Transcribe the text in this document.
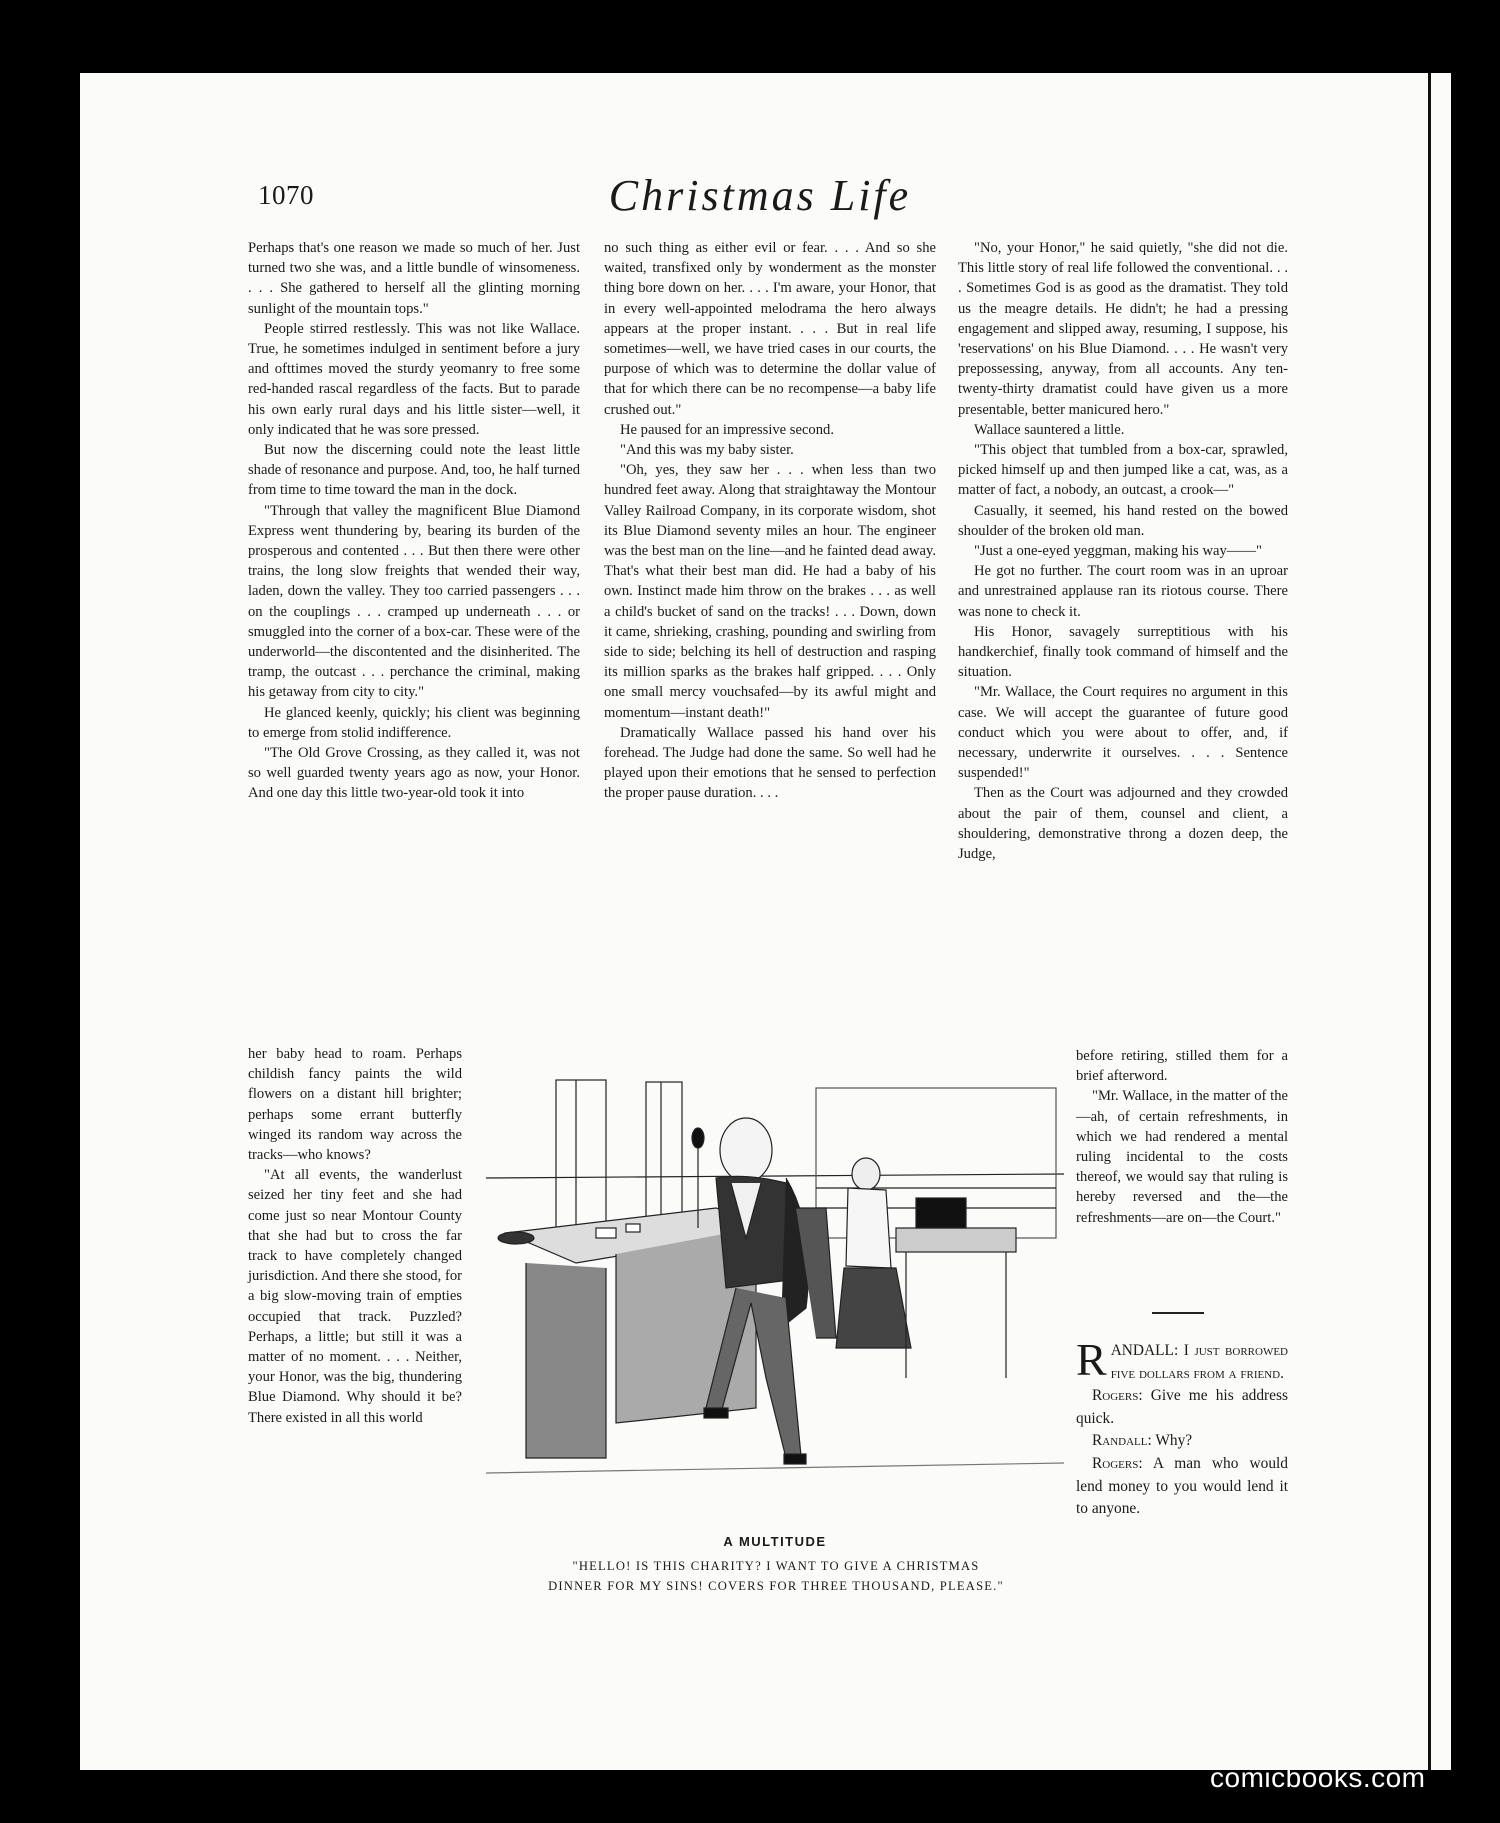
1070	Christmas Life

Perhaps that's one reason we made so much of her. Just turned two she was, and a little bundle of winsomeness. . . . She gathered to herself all the glinting morning sunlight of the mountain tops."

People stirred restlessly. This was not like Wallace. True, he sometimes indulged in sentiment before a jury and ofttimes moved the sturdy yeomanry to free some red-handed rascal regardless of the facts. But to parade his own early rural days and his little sister—well, it only indicated that he was sore pressed.

But now the discerning could note the least little shade of resonance and purpose. And, too, he half turned from time to time toward the man in the dock.

"Through that valley the magnificent Blue Diamond Express went thundering by, bearing its burden of the prosperous and contented . . . But then there were other trains, the long slow freights that wended their way, laden, down the valley. They too carried passengers . . . on the couplings . . . cramped up underneath . . . or smuggled into the corner of a box-car. These were of the underworld—the discontented and the disinherited. The tramp, the outcast . . . perchance the criminal, making his getaway from city to city."

He glanced keenly, quickly; his client was beginning to emerge from stolid indifference.

"The Old Grove Crossing, as they called it, was not so well guarded twenty years ago as now, your Honor. And one day this little two-year-old took it into

her baby head to roam. Perhaps childish fancy paints the wild flowers on a distant hill brighter; perhaps some errant butterfly winged its random way across the tracks—who knows?

"At all events, the wanderlust seized her tiny feet and she had come just so near Montour County that she had but to cross the far track to have completely changed jurisdiction. And there she stood, for a big slow-moving train of empties occupied that track. Puzzled? Perhaps, a little; but still it was a matter of no moment. . . . Neither, your Honor, was the big, thundering Blue Diamond. Why should it be? There existed in all this world

no such thing as either evil or fear. . . . And so she waited, transfixed only by wonderment as the monster thing bore down on her. . . . I'm aware, your Honor, that in every well-appointed melodrama the hero always appears at the proper instant. . . . But in real life sometimes—well, we have tried cases in our courts, the purpose of which was to determine the dollar value of that for which there can be no recompense—a baby life crushed out."

He paused for an impressive second.

"And this was my baby sister.

"Oh, yes, they saw her . . . when less than two hundred feet away. Along that straightaway the Montour Valley Railroad Company, in its corporate wisdom, shot its Blue Diamond seventy miles an hour. The engineer was the best man on the line—and he fainted dead away. That's what their best man did. He had a baby of his own. Instinct made him throw on the brakes . . . as well a child's bucket of sand on the tracks! . . . Down, down it came, shrieking, crashing, pounding and swirling from side to side; belching its hell of destruction and rasping its million sparks as the brakes half gripped. . . . Only one small mercy vouchsafed—by its awful might and momentum—instant death!"

Dramatically Wallace passed his hand over his forehead. The Judge had done the same. So well had he played upon their emotions that he sensed to perfection the proper pause duration. . . .

"No, your Honor," he said quietly, "she did not die. This little story of real life followed the conventional. . . . Sometimes God is as good as the dramatist. They told us the meagre details. He didn't; he had a pressing engagement and slipped away, resuming, I suppose, his 'reservations' on his Blue Diamond. . . . He wasn't very prepossessing, anyway, from all accounts. Any ten-twenty-thirty dramatist could have given us a more presentable, better manicured hero."

Wallace sauntered a little.

"This object that tumbled from a box-car, sprawled, picked himself up and then jumped like a cat, was, as a matter of fact, a nobody, an outcast, a crook—"

Casually, it seemed, his hand rested on the bowed shoulder of the broken old man.

"Just a one-eyed yeggman, making his way——"

He got no further. The court room was in an uproar and unrestrained applause ran its riotous course. There was none to check it.

His Honor, savagely surreptitious with his handkerchief, finally took command of himself and the situation.

"Mr. Wallace, the Court requires no argument in this case. We will accept the guarantee of future good conduct which you were about to offer, and, if necessary, underwrite it ourselves. . . . Sentence suspended!"

Then as the Court was adjourned and they crowded about the pair of them, counsel and client, a shouldering, demonstrative throng a dozen deep, the Judge,

before retiring, stilled them for a brief afterword.

"Mr. Wallace, in the matter of the—ah, of certain refreshments, in which we had rendered a mental ruling incidental to the costs thereof, we would say that ruling is hereby reversed and the—the refreshments—are on—the Court."

RANDALL: I just borrowed five dollars from a friend.

Rogers: Give me his address quick.

Randall: Why?

Rogers: A man who would lend money to you would lend it to anyone.

A MULTITUDE
"HELLO! IS THIS CHARITY? I WANT TO GIVE A CHRISTMAS
DINNER FOR MY SINS! COVERS FOR THREE THOUSAND, PLEASE."
comicbooks.com
